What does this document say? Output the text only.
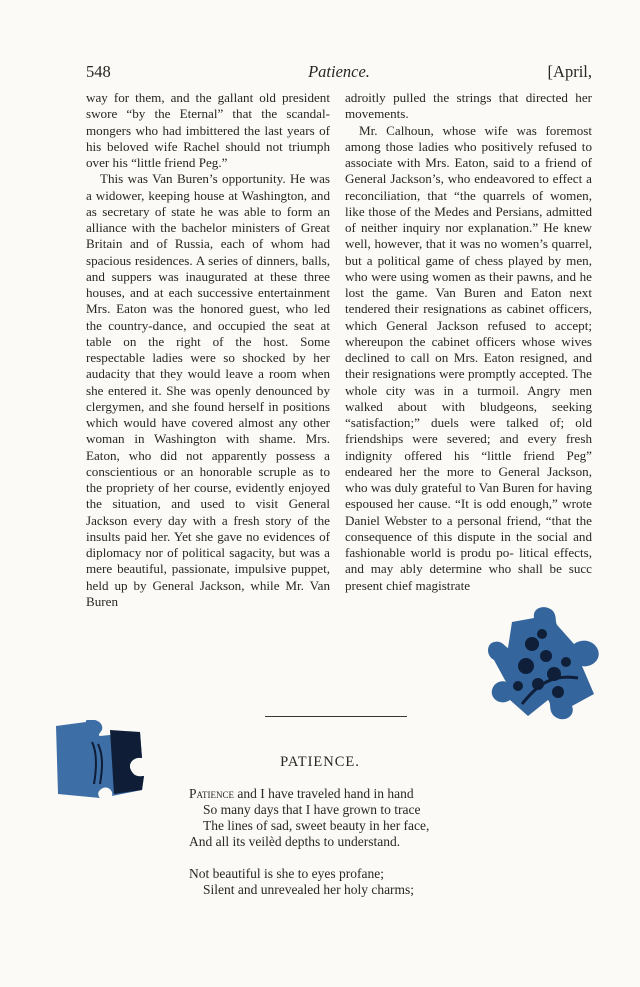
548	Patience.	[April,

way for them, and the gallant old president swore “by the Eternal” that the scandal-mongers who had imbittered the last years of his beloved wife Rachel should not triumph over his “little friend Peg.”

This was Van Buren’s opportunity. He was a widower, keeping house at Washington, and as secretary of state he was able to form an alliance with the bachelor ministers of Great Britain and of Russia, each of whom had spacious residences. A series of dinners, balls, and suppers was inaugurated at these three houses, and at each successive entertainment Mrs. Eaton was the honored guest, who led the country-dance, and occupied the seat at table on the right of the host. Some respectable ladies were so shocked by her audacity that they would leave a room when she entered it. She was openly denounced by clergymen, and she found herself in positions which would have covered almost any other woman in Washington with shame. Mrs. Eaton, who did not apparently possess a conscientious or an honorable scruple as to the propriety of her course, evidently enjoyed the situation, and used to visit General Jackson every day with a fresh story of the insults paid her. Yet she gave no evidences of diplomacy nor of political sagacity, but was a mere beautiful, passionate, impulsive puppet, held up by General Jackson, while Mr. Van Buren

adroitly pulled the strings that directed her movements.

Mr. Calhoun, whose wife was foremost among those ladies who positively refused to associate with Mrs. Eaton, said to a friend of General Jackson’s, who endeavored to effect a reconciliation, that “the quarrels of women, like those of the Medes and Persians, admitted of neither inquiry nor explanation.” He knew well, however, that it was no women’s quarrel, but a political game of chess played by men, who were using women as their pawns, and he lost the game. Van Buren and Eaton next tendered their resignations as cabinet officers, which General Jackson refused to accept; whereupon the cabinet officers whose wives declined to call on Mrs. Eaton resigned, and their resignations were promptly accepted. The whole city was in a turmoil. Angry men walked about with bludgeons, seeking “satisfaction;” duels were talked of; old friendships were severed; and every fresh indignity offered his “little friend Peg” endeared her the more to General Jackson, who was duly grateful to Van Buren for having espoused her cause. “It is odd enough,” wrote Daniel Webster to a personal friend, “that the consequence of this dispute in the social and fashionable world is produ po- litical effects, and may ably determine who shall be succ present chief magistrate

PATIENCE.
Patience and I have traveled hand in hand
So many days that I have grown to trace
The lines of sad, sweet beauty in her face,
And all its veilèd depths to understand.
Not beautiful is she to eyes profane;
Silent and unrevealed her holy charms;
